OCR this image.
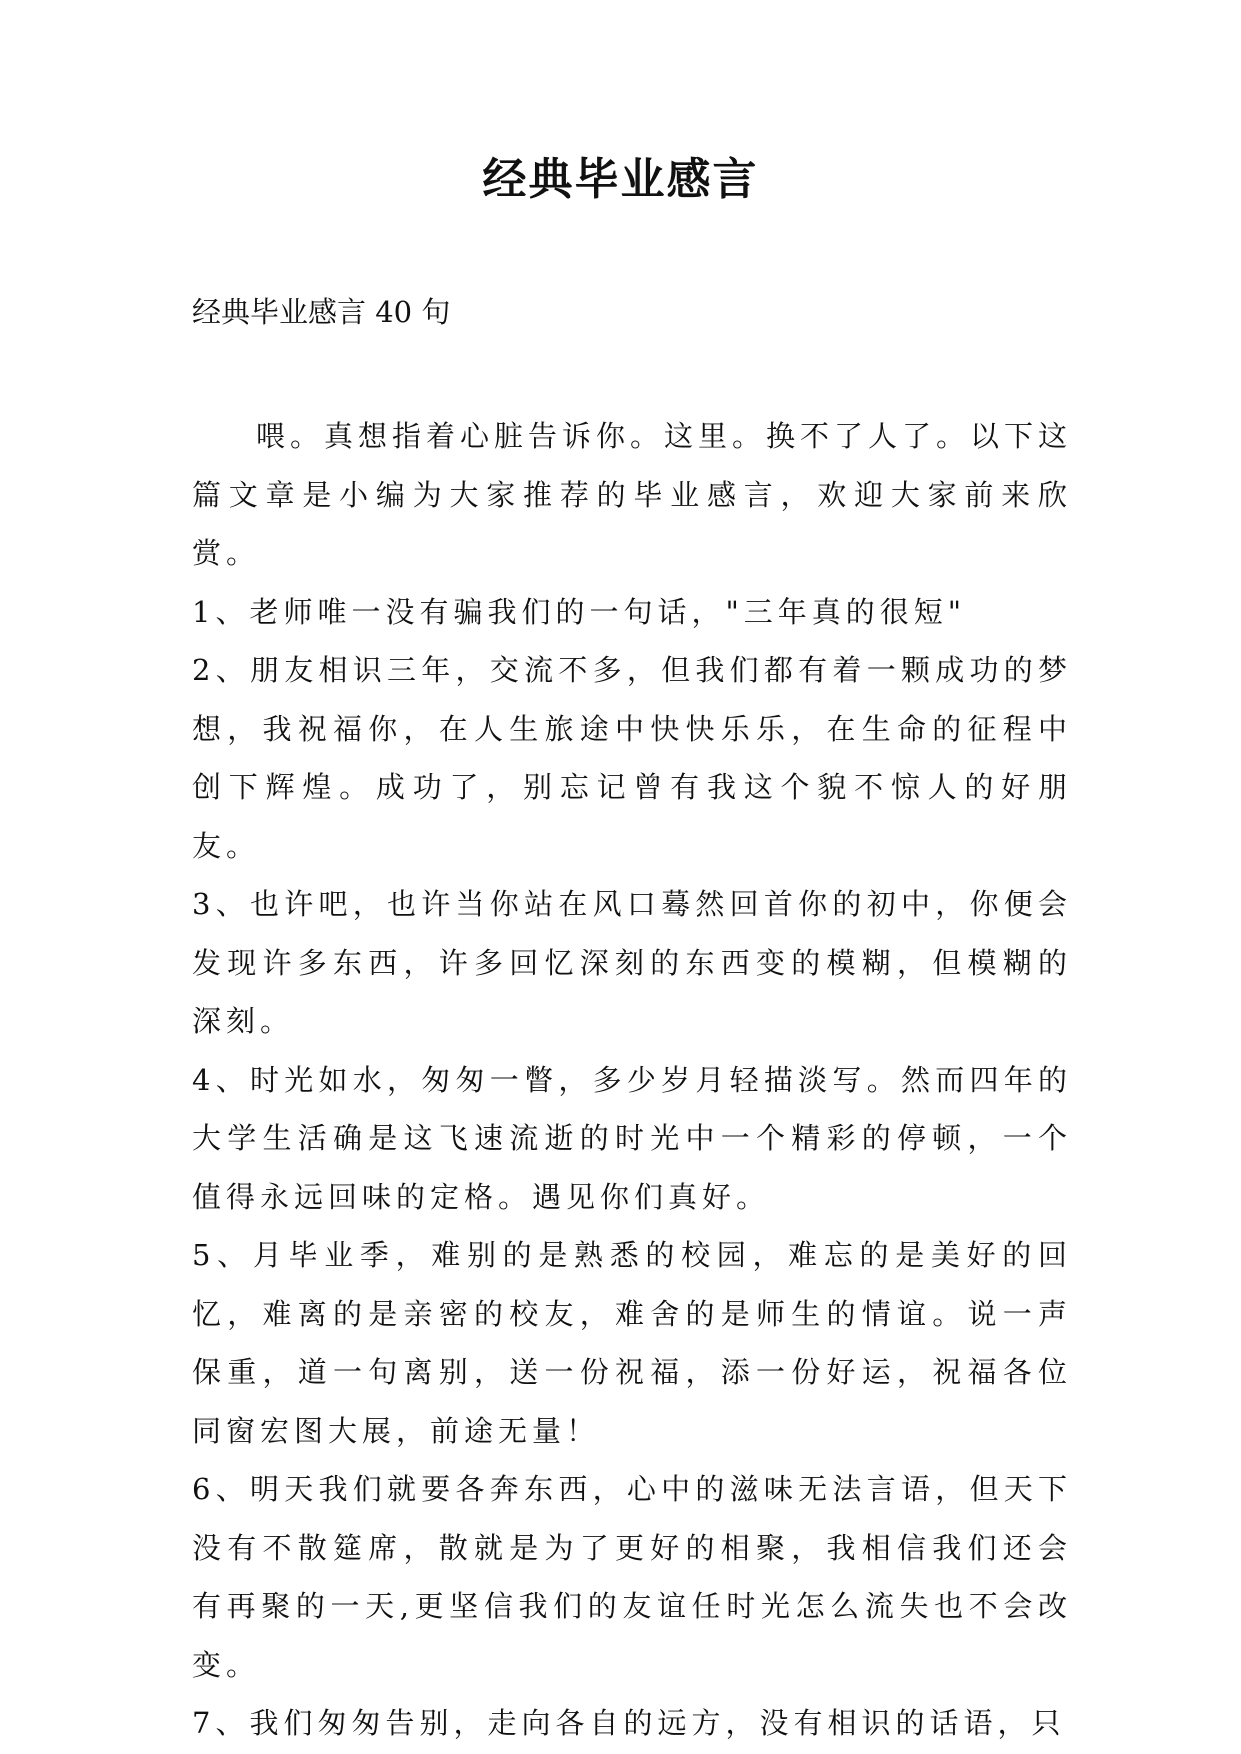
经典毕业感言
经典毕业感言 40 句

喂。真想指着心脏告诉你。这里。换不了人了。以下这篇文章是小编为大家推荐的毕业感言，欢迎大家前来欣赏。

1、老师唯一没有骗我们的一句话，"三年真的很短"

2、朋友相识三年，交流不多，但我们都有着一颗成功的梦想，我祝福你，在人生旅途中快快乐乐，在生命的征程中创下辉煌。成功了，别忘记曾有我这个貌不惊人的好朋友。

3、也许吧，也许当你站在风口蓦然回首你的初中，你便会发现许多东西，许多回忆深刻的东西变的模糊，但模糊的深刻。

4、时光如水，匆匆一瞥，多少岁月轻描淡写。然而四年的大学生活确是这飞速流逝的时光中一个精彩的停顿，一个值得永远回味的定格。遇见你们真好。

5、月毕业季，难别的是熟悉的校园，难忘的是美好的回忆，难离的是亲密的校友，难舍的是师生的情谊。说一声保重，道一句离别，送一份祝福，添一份好运，祝福各位同窗宏图大展，前途无量！

6、明天我们就要各奔东西，心中的滋味无法言语，但天下没有不散筵席，散就是为了更好的相聚，我相信我们还会有再聚的一天,更坚信我们的友谊任时光怎么流失也不会改变。

7、我们匆匆告别，走向各自的远方，没有相识的话语，只
